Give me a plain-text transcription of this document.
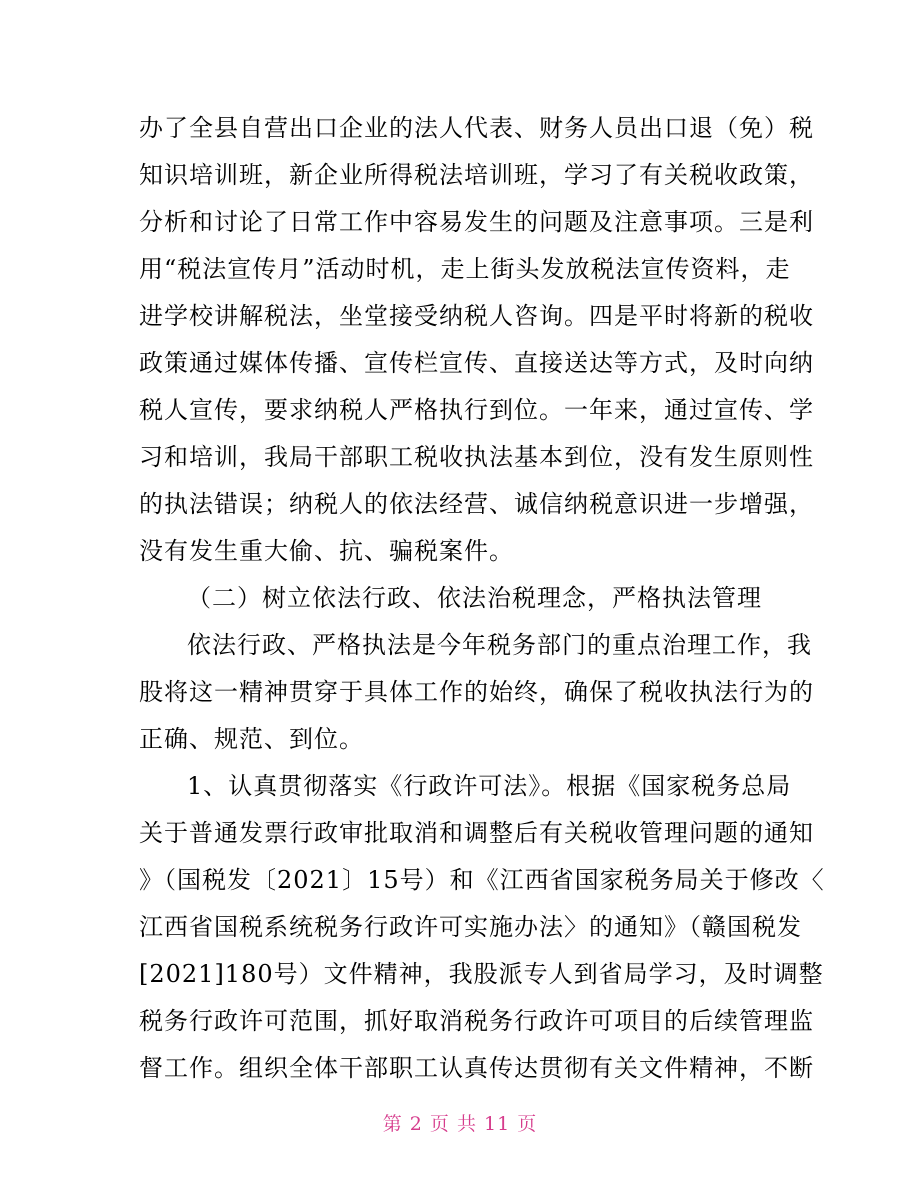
办了全县自营出口企业的法人代表、财务人员出口退（免）税
知识培训班，新企业所得税法培训班，学习了有关税收政策，
分析和讨论了日常工作中容易发生的问题及注意事项。三是利
用“税法宣传月”活动时机，走上街头发放税法宣传资料，走
进学校讲解税法，坐堂接受纳税人咨询。四是平时将新的税收
政策通过媒体传播、宣传栏宣传、直接送达等方式，及时向纳
税人宣传，要求纳税人严格执行到位。一年来，通过宣传、学
习和培训，我局干部职工税收执法基本到位，没有发生原则性
的执法错误；纳税人的依法经营、诚信纳税意识进一步增强，
没有发生重大偷、抗、骗税案件。
（二）树立依法行政、依法治税理念，严格执法管理
依法行政、严格执法是今年税务部门的重点治理工作，我
股将这一精神贯穿于具体工作的始终，确保了税收执法行为的
正确、规范、到位。
1、认真贯彻落实《行政许可法》。根据《国家税务总局
关于普通发票行政审批取消和调整后有关税收管理问题的通知
》（国税发〔2021〕15号）和《江西省国家税务局关于修改〈
江西省国税系统税务行政许可实施办法〉的通知》（赣国税发
[2021]180号）文件精神，我股派专人到省局学习，及时调整
税务行政许可范围，抓好取消税务行政许可项目的后续管理监
督工作。组织全体干部职工认真传达贯彻有关文件精神，不断
第 2 页 共 11 页
